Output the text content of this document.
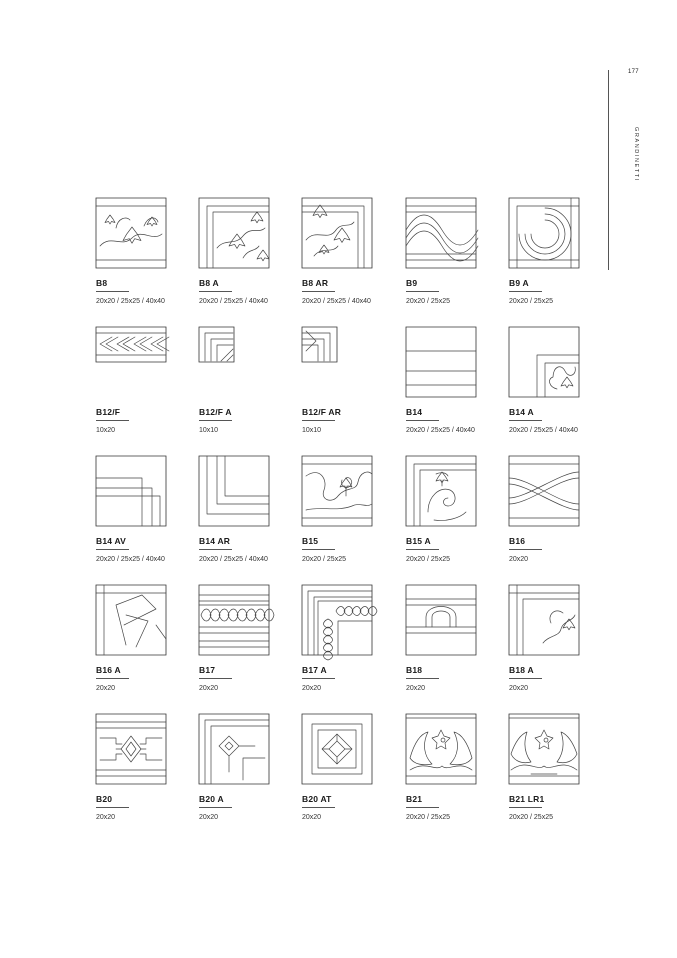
177
GRANDINETTI
B8
20x20 / 25x25 / 40x40
B8 A
20x20 / 25x25 / 40x40
B8 AR
20x20 / 25x25 / 40x40
B9
20x20 / 25x25
B9 A
20x20 / 25x25
B12/F
10x20
B12/F A
10x10
B12/F AR
10x10
B14
20x20 / 25x25 / 40x40
B14 A
20x20 / 25x25 / 40x40
B14 AV
20x20 / 25x25 / 40x40
B14 AR
20x20 / 25x25 / 40x40
B15
20x20 / 25x25
B15 A
20x20 / 25x25
B16
20x20
B16 A
20x20
B17
20x20
B17 A
20x20
B18
20x20
B18 A
20x20
B20
20x20
B20 A
20x20
B20 AT
20x20
B21
20x20 / 25x25
B21 LR1
20x20 / 25x25
